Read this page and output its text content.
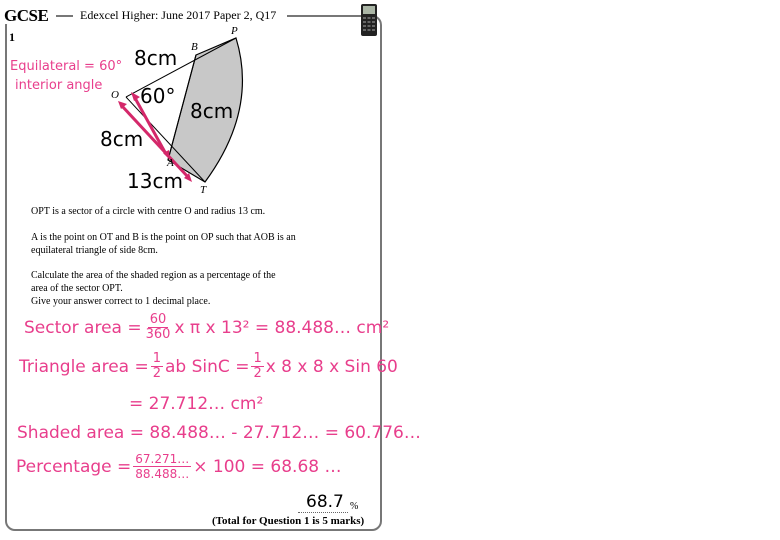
GCSE	Edexcel Higher: June 2017 Paper 2, Q17
1	P
B
O
A
T
8cm
60°
8cm
8cm
13cm
Equilateral = 60°
interior angle
OPT is a sector of a circle with centre O and radius 13 cm.
A is the point on OT and B is the point on OP such that AOB is an
equilateral triangle of side 8cm.
Calculate the area of the shaded region as a percentage of the
area of the sector OPT.
Give your answer correct to 1 decimal place.
Sector area = $\frac{60}{360}$ x π x 13² = 88.488… cm²
Triangle area = $\frac{1}{2}$ ab SinC = $\frac{1}{2}$ x 8 x 8 x Sin 60
= 27.712… cm²
Shaded area = 88.488… - 27.712… = 60.776…
Percentage = $\frac{67.271\dots}{88.488\dots} \times 100 = 68.68$ …
68.7 %
(Total for Question 1 is 5 marks)
